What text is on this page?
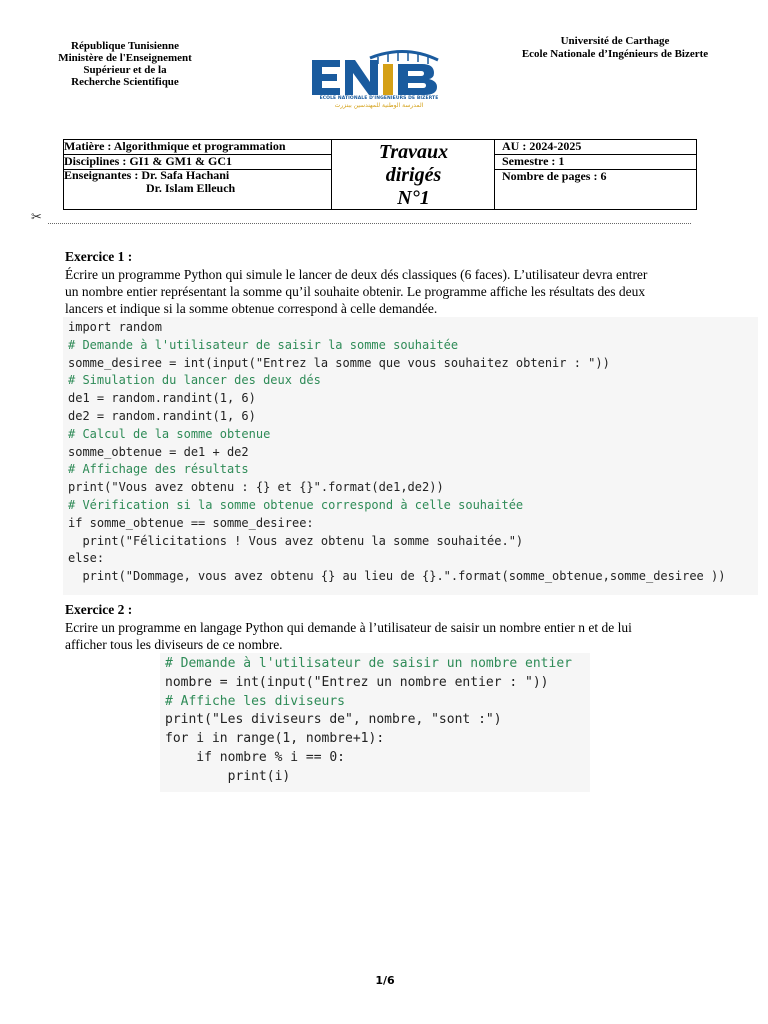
République Tunisienne
Ministère de l'Enseignement
Supérieur et de la
Recherche Scientifique
ECOLE NATIONALE D'INGENIEURS DE BIZERTE
المدرسة الوطنية للمهندسين ببنزرت
Université de Carthage
Ecole Nationale d’Ingénieurs de Bizerte
Matière : Algorithmique et programmation
Disciplines : GI1 & GM1 & GC1
Enseignantes : Dr. Safa Hachani
Dr. Islam Elleuch
Travaux
dirigés
N°1
AU : 2024-2025
Semestre : 1
Nombre de pages : 6
✂
Exercice 1 :
Écrire un programme Python qui simule le lancer de deux dés classiques (6 faces). L’utilisateur devra entrer
un nombre entier représentant la somme qu’il souhaite obtenir. Le programme affiche les résultats des deux
lancers et indique si la somme obtenue correspond à celle demandée.
import random
# Demande à l'utilisateur de saisir la somme souhaitée
somme_desiree = int(input("Entrez la somme que vous souhaitez obtenir : "))
# Simulation du lancer des deux dés
de1 = random.randint(1, 6)
de2 = random.randint(1, 6)
# Calcul de la somme obtenue
somme_obtenue = de1 + de2
# Affichage des résultats
print("Vous avez obtenu : {} et {}".format(de1,de2))
# Vérification si la somme obtenue correspond à celle souhaitée
if somme_obtenue == somme_desiree:
print("Félicitations ! Vous avez obtenu la somme souhaitée.")
else:
print("Dommage, vous avez obtenu {} au lieu de {}.".format(somme_obtenue,somme_desiree ))
Exercice 2 :
Ecrire un programme en langage Python qui demande à l’utilisateur de saisir un nombre entier n et de lui
afficher tous les diviseurs de ce nombre.
# Demande à l'utilisateur de saisir un nombre entier
nombre = int(input("Entrez un nombre entier : "))
# Affiche les diviseurs
print("Les diviseurs de", nombre, "sont :")
for i in range(1, nombre+1):
if nombre % i == 0:
print(i)
1/6
